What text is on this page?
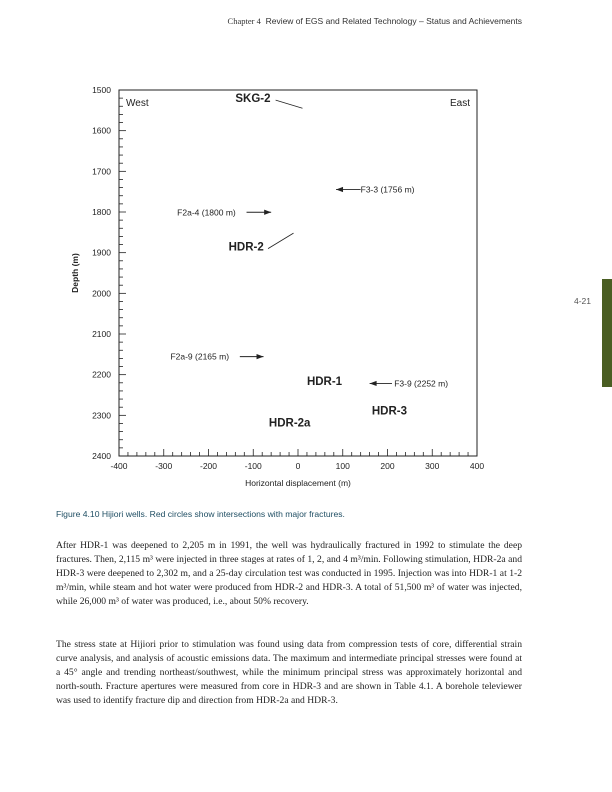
Chapter 4 Review of EGS and Related Technology – Status and Achievements
4-21
1500
1600
1700
1800
1900
2000
2100
2200
2300
2400
-400	-300	-200	-100	0	100	200	300	400
Horizontal displacement (m)
Depth (m)
West	East
SKG-2
HDR-2
HDR-1
HDR-3
HDR-2a
F3-3 (1756 m)
F2a-4 (1800 m)
F2a-9 (2165 m)
F3-9 (2252 m)
Figure 4.10 Hijiori wells. Red circles show intersections with major fractures.

After HDR-1 was deepened to 2,205 m in 1991, the well was hydraulically fractured in 1992 to stimulate the deep fractures. Then, 2,115 m³ were injected in three stages at rates of 1, 2, and 4 m³/min. Following stimulation, HDR-2a and HDR-3 were deepened to 2,302 m, and a 25-day circulation test was conducted in 1995. Injection was into HDR-1 at 1-2 m³/min, while steam and hot water were produced from HDR-2 and HDR-3. A total of 51,500 m³ of water was injected, while 26,000 m³ of water was produced, i.e., about 50% recovery.

The stress state at Hijiori prior to stimulation was found using data from compression tests of core, differential strain curve analysis, and analysis of acoustic emissions data. The maximum and intermediate principal stresses were found at a 45° angle and trending northeast/southwest, while the minimum principal stress was approximately horizontal and north-south. Fracture apertures were measured from core in HDR-3 and are shown in Table 4.1. A borehole televiewer was used to identify fracture dip and direction from HDR-2a and HDR-3.
